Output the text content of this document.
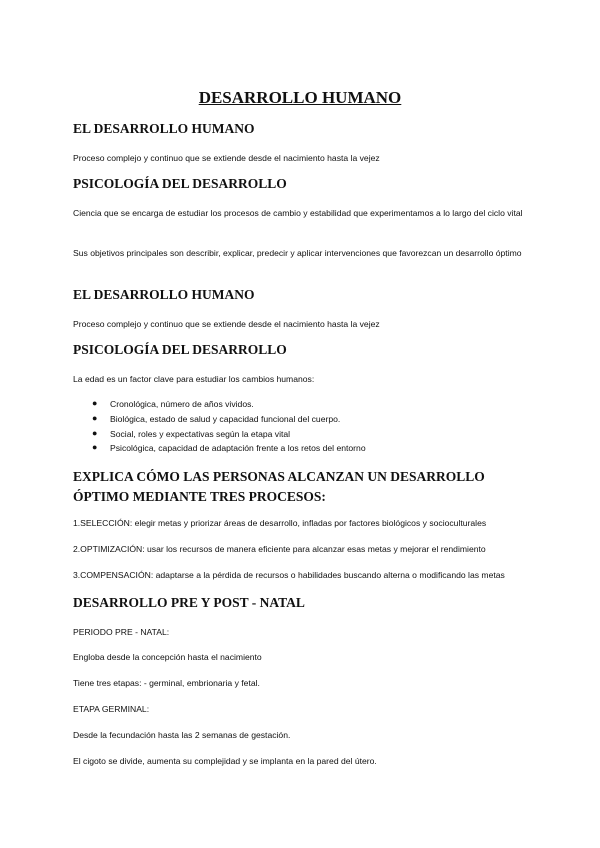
DESARROLLO HUMANO
EL DESARROLLO HUMANO

Proceso complejo y continuo que se extiende desde el nacimiento hasta la vejez

PSICOLOGÍA DEL DESARROLLO

Ciencia que se encarga de estudiar los procesos de cambio y estabilidad que experimentamos a lo largo del ciclo vital

Sus objetivos principales son describir, explicar, predecir y aplicar intervenciones que favorezcan un desarrollo óptimo

EL DESARROLLO HUMANO

Proceso complejo y continuo que se extiende desde el nacimiento hasta la vejez

PSICOLOGÍA DEL DESARROLLO

La edad es un factor clave para estudiar los cambios humanos:

● Cronológica, número de años vividos.
● Biológica, estado de salud y capacidad funcional del cuerpo.
● Social, roles y expectativas según la etapa vital
● Psicológica, capacidad de adaptación frente a los retos del entorno
EXPLICA CÓMO LAS PERSONAS ALCANZAN UN DESARROLLO ÓPTIMO MEDIANTE TRES PROCESOS:

1.SELECCIÓN: elegir metas y priorizar áreas de desarrollo, infladas por factores biológicos y socioculturales

2.OPTIMIZACIÓN: usar los recursos de manera eficiente para alcanzar esas metas y mejorar el rendimiento

3.COMPENSACIÓN: adaptarse a la pérdida de recursos o habilidades buscando alterna o modificando las metas

DESARROLLO PRE Y POST - NATAL

PERIODO PRE - NATAL:

Engloba desde la concepción hasta el nacimiento

Tiene tres etapas: - germinal, embrionaria y fetal.

ETAPA GERMINAL:

Desde la fecundación hasta las 2 semanas de gestación.

El cigoto se divide, aumenta su complejidad y se implanta en la pared del útero.
